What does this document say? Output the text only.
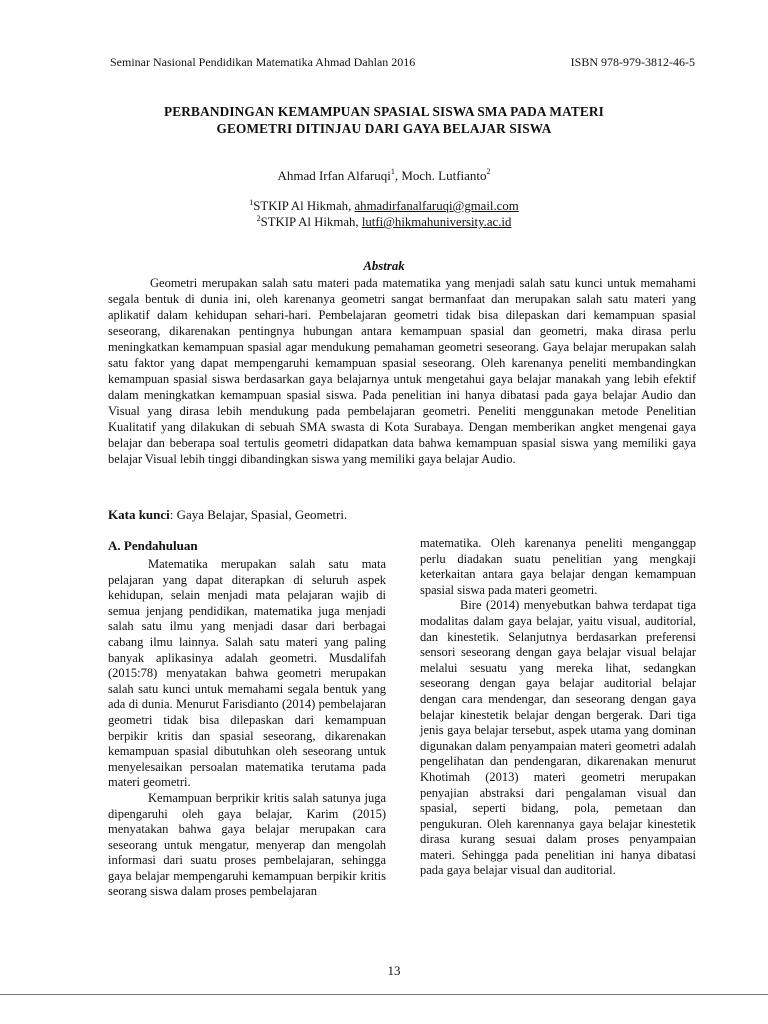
Seminar Nasional Pendidikan Matematika Ahmad Dahlan 2016	ISBN 978-979-3812-46-5
PERBANDINGAN KEMAMPUAN SPASIAL SISWA SMA PADA MATERI
GEOMETRI DITINJAU DARI GAYA BELAJAR SISWA
Ahmad Irfan Alfaruqi$^1$, Moch. Lutfianto$^2$
$^1$STKIP Al Hikmah, ahmadirfanalfaruqi@gmail.com
$^2$STKIP Al Hikmah, lutfi@hikmahuniversity.ac.id
Abstrak

Geometri merupakan salah satu materi pada matematika yang menjadi salah satu kunci untuk memahami segala bentuk di dunia ini, oleh karenanya geometri sangat bermanfaat dan merupakan salah satu materi yang aplikatif dalam kehidupan sehari-hari. Pembelajaran geometri tidak bisa dilepaskan dari kemampuan spasial seseorang, dikarenakan pentingnya hubungan antara kemampuan spasial dan geometri, maka dirasa perlu meningkatkan kemampuan spasial agar mendukung pemahaman geometri seseorang. Gaya belajar merupakan salah satu faktor yang dapat mempengaruhi kemampuan spasial seseorang. Oleh karenanya peneliti membandingkan kemampuan spasial siswa berdasarkan gaya belajarnya untuk mengetahui gaya belajar manakah yang lebih efektif dalam meningkatkan kemampuan spasial siswa. Pada penelitian ini hanya dibatasi pada gaya belajar Audio dan Visual yang dirasa lebih mendukung pada pembelajaran geometri. Peneliti menggunakan metode Penelitian Kualitatif yang dilakukan di sebuah SMA swasta di Kota Surabaya. Dengan memberikan angket mengenai gaya belajar dan beberapa soal tertulis geometri didapatkan data bahwa kemampuan spasial siswa yang memiliki gaya belajar Visual lebih tinggi dibandingkan siswa yang memiliki gaya belajar Audio.

Kata kunci: Gaya Belajar, Spasial, Geometri.
A. Pendahuluan

Matematika merupakan salah satu mata pelajaran yang dapat diterapkan di seluruh aspek kehidupan, selain menjadi mata pelajaran wajib di semua jenjang pendidikan, matematika juga menjadi salah satu ilmu yang menjadi dasar dari berbagai cabang ilmu lainnya. Salah satu materi yang paling banyak aplikasinya adalah geometri. Musdalifah (2015:78) menyatakan bahwa geometri merupakan salah satu kunci untuk memahami segala bentuk yang ada di dunia. Menurut Farisdianto (2014) pembelajaran geometri tidak bisa dilepaskan dari kemampuan berpikir kritis dan spasial seseorang, dikarenakan kemampuan spasial dibutuhkan oleh seseorang untuk menyelesaikan persoalan matematika terutama pada materi geometri.

Kemampuan berprikir kritis salah satunya juga dipengaruhi oleh gaya belajar, Karim (2015) menyatakan bahwa gaya belajar merupakan cara seseorang untuk mengatur, menyerap dan mengolah informasi dari suatu proses pembelajaran, sehingga gaya belajar mempengaruhi kemampuan berpikir kritis seorang siswa dalam proses pembelajaran

matematika. Oleh karenanya peneliti menganggap perlu diadakan suatu penelitian yang mengkaji keterkaitan antara gaya belajar dengan kemampuan spasial siswa pada materi geometri.

Bire (2014) menyebutkan bahwa terdapat tiga modalitas dalam gaya belajar, yaitu visual, auditorial, dan kinestetik. Selanjutnya berdasarkan preferensi sensori seseorang dengan gaya belajar visual belajar melalui sesuatu yang mereka lihat, sedangkan seseorang dengan gaya belajar auditorial belajar dengan cara mendengar, dan seseorang dengan gaya belajar kinestetik belajar dengan bergerak. Dari tiga jenis gaya belajar tersebut, aspek utama yang dominan digunakan dalam penyampaian materi geometri adalah pengelihatan dan pendengaran, dikarenakan menurut Khotimah (2013) materi geometri merupakan penyajian abstraksi dari pengalaman visual dan spasial, seperti bidang, pola, pemetaan dan pengukuran. Oleh karennanya gaya belajar kinestetik dirasa kurang sesuai dalam proses penyampaian materi. Sehingga pada penelitian ini hanya dibatasi pada gaya belajar visual dan auditorial.

13
